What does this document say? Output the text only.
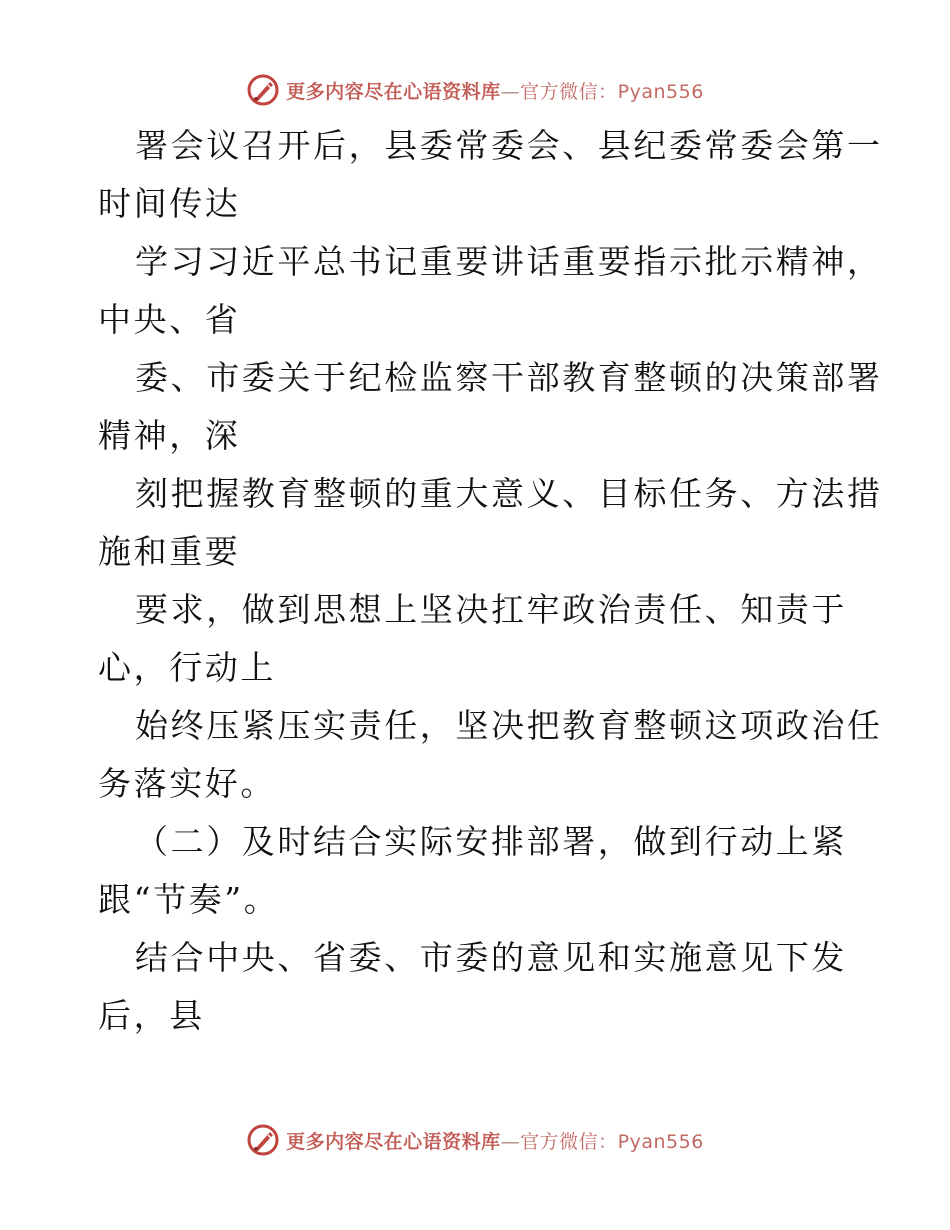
更多内容尽在心语资料库—官方微信：Pyan556
署会议召开后，县委常委会、县纪委常委会第一
时间传达
学习习近平总书记重要讲话重要指示批示精神，
中央、省
委、市委关于纪检监察干部教育整顿的决策部署
精神，深
刻把握教育整顿的重大意义、目标任务、方法措
施和重要
要求，做到思想上坚决扛牢政治责任、知责于
心，行动上
始终压紧压实责任，坚决把教育整顿这项政治任
务落实好。
（二）及时结合实际安排部署，做到行动上紧
跟“节奏”。
结合中央、省委、市委的意见和实施意见下发
后，县
更多内容尽在心语资料库—官方微信：Pyan556
